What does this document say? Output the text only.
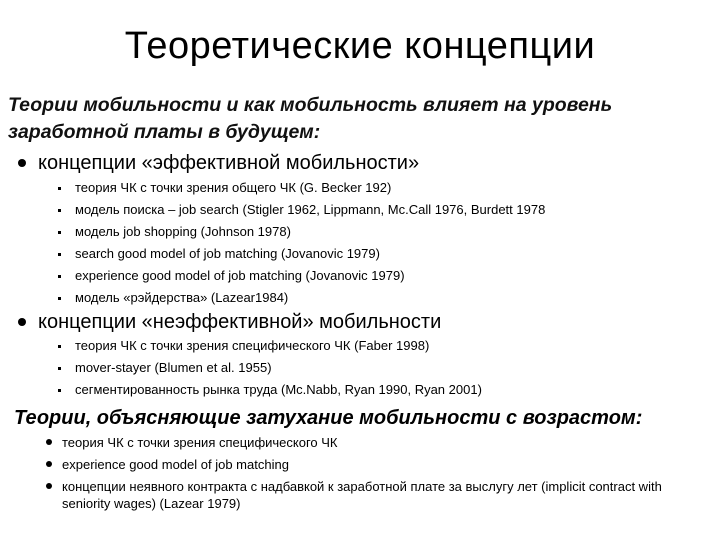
Теоретические концепции
Теории мобильности и как мобильность влияет на уровень
заработной платы в будущем:
концепции «эффективной мобильности»
теория ЧК с точки зрения общего ЧК (G. Becker 192)
модель поиска – job search (Stigler 1962, Lippmann, Mc.Call 1976, Burdett 1978
модель job shopping (Johnson 1978)
search good model of job matching (Jovanovic 1979)
experience good model of job matching (Jovanovic 1979)
модель «рэйдерства» (Lazear1984)
концепции «неэффективной» мобильности
теория ЧК с точки зрения специфического ЧК (Faber 1998)
mover-stayer (Blumen et al. 1955)
сегментированность рынка труда (Mc.Nabb, Ryan 1990, Ryan 2001)
Теории, объясняющие затухание мобильности с возрастом:
теория ЧК с точки зрения специфического ЧК
experience good model of job matching
концепции неявного контракта с надбавкой к заработной плате за выслугу лет (implicit contract with seniority wages) (Lazear 1979)
